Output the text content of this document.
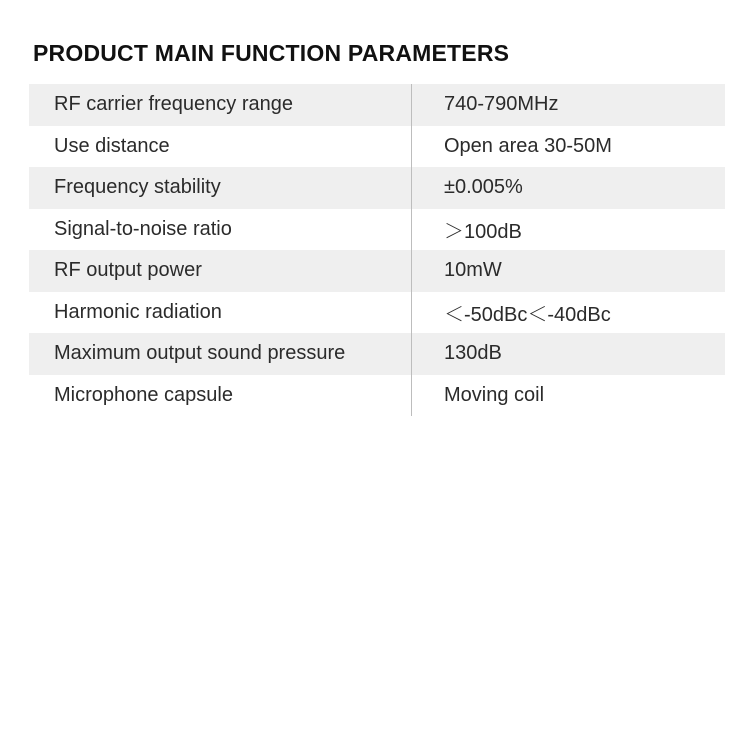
PRODUCT MAIN FUNCTION PARAMETERS
RF carrier frequency range	740-790MHz
Use distance	Open area 30-50M
Frequency stability	±0.005%
Signal-to-noise ratio	＞100dB
RF output power	10mW
Harmonic radiation	＜-50dBc＜-40dBc
Maximum output sound pressure	130dB
Microphone capsule	Moving coil
